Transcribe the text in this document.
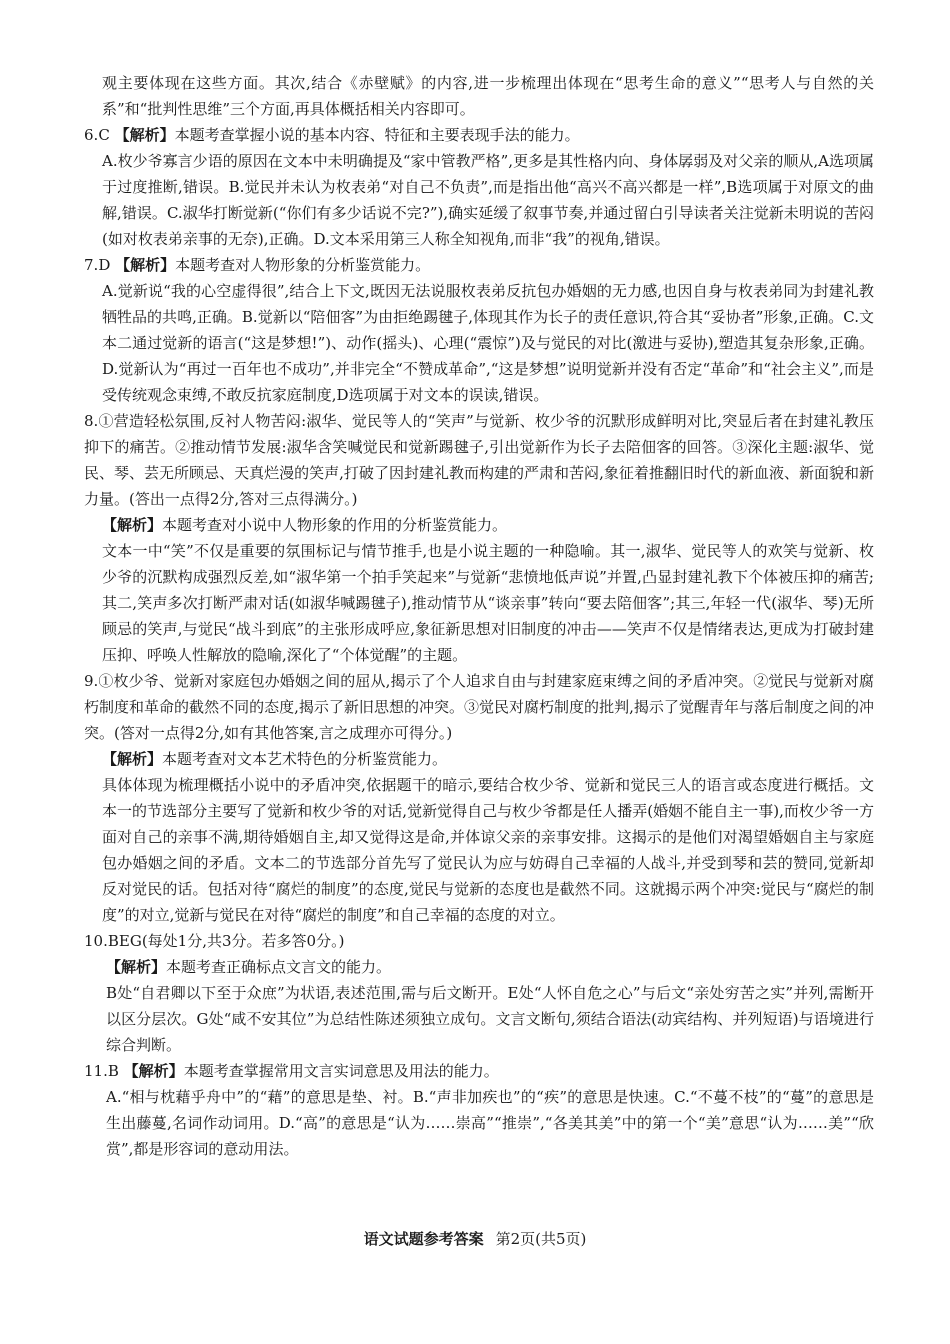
观主要体现在这些方面。其次,结合《赤壁赋》的内容,进一步梳理出体现在“思考生命的意义”“思考人与自然的关系”和“批判性思维”三个方面,再具体概括相关内容即可。

6.C 【解析】本题考查掌握小说的基本内容、特征和主要表现手法的能力。

A.枚少爷寡言少语的原因在文本中未明确提及“家中管教严格”,更多是其性格内向、身体孱弱及对父亲的顺从,A选项属于过度推断,错误。B.觉民并未认为枚表弟“对自己不负责”,而是指出他“高兴不高兴都是一样”,B选项属于对原文的曲解,错误。C.淑华打断觉新(“你们有多少话说不完?”),确实延缓了叙事节奏,并通过留白引导读者关注觉新未明说的苦闷(如对枚表弟亲事的无奈),正确。D.文本采用第三人称全知视角,而非“我”的视角,错误。

7.D 【解析】本题考查对人物形象的分析鉴赏能力。

A.觉新说“我的心空虚得很”,结合上下文,既因无法说服枚表弟反抗包办婚姻的无力感,也因自身与枚表弟同为封建礼教牺牲品的共鸣,正确。B.觉新以“陪佃客”为由拒绝踢毽子,体现其作为长子的责任意识,符合其“妥协者”形象,正确。C.文本二通过觉新的语言(“这是梦想!”)、动作(摇头)、心理(“震惊”)及与觉民的对比(激进与妥协),塑造其复杂形象,正确。D.觉新认为“再过一百年也不成功”,并非完全“不赞成革命”,“这是梦想”说明觉新并没有否定“革命”和“社会主义”,而是受传统观念束缚,不敢反抗家庭制度,D选项属于对文本的误读,错误。

8.①营造轻松氛围,反衬人物苦闷:淑华、觉民等人的“笑声”与觉新、枚少爷的沉默形成鲜明对比,突显后者在封建礼教压抑下的痛苦。②推动情节发展:淑华含笑喊觉民和觉新踢毽子,引出觉新作为长子去陪佃客的回答。③深化主题:淑华、觉民、琴、芸无所顾忌、天真烂漫的笑声,打破了因封建礼教而构建的严肃和苦闷,象征着推翻旧时代的新血液、新面貌和新力量。(答出一点得2分,答对三点得满分。)

【解析】本题考查对小说中人物形象的作用的分析鉴赏能力。

文本一中“笑”不仅是重要的氛围标记与情节推手,也是小说主题的一种隐喻。其一,淑华、觉民等人的欢笑与觉新、枚少爷的沉默构成强烈反差,如“淑华第一个拍手笑起来”与觉新“悲愤地低声说”并置,凸显封建礼教下个体被压抑的痛苦;其二,笑声多次打断严肃对话(如淑华喊踢毽子),推动情节从“谈亲事”转向“要去陪佃客”;其三,年轻一代(淑华、琴)无所顾忌的笑声,与觉民“战斗到底”的主张形成呼应,象征新思想对旧制度的冲击——笑声不仅是情绪表达,更成为打破封建压抑、呼唤人性解放的隐喻,深化了“个体觉醒”的主题。

9.①枚少爷、觉新对家庭包办婚姻之间的屈从,揭示了个人追求自由与封建家庭束缚之间的矛盾冲突。②觉民与觉新对腐朽制度和革命的截然不同的态度,揭示了新旧思想的冲突。③觉民对腐朽制度的批判,揭示了觉醒青年与落后制度之间的冲突。(答对一点得2分,如有其他答案,言之成理亦可得分。)

【解析】本题考查对文本艺术特色的分析鉴赏能力。

具体体现为梳理概括小说中的矛盾冲突,依据题干的暗示,要结合枚少爷、觉新和觉民三人的语言或态度进行概括。文本一的节选部分主要写了觉新和枚少爷的对话,觉新觉得自己与枚少爷都是任人播弄(婚姻不能自主一事),而枚少爷一方面对自己的亲事不满,期待婚姻自主,却又觉得这是命,并体谅父亲的亲事安排。这揭示的是他们对渴望婚姻自主与家庭包办婚姻之间的矛盾。文本二的节选部分首先写了觉民认为应与妨碍自己幸福的人战斗,并受到琴和芸的赞同,觉新却反对觉民的话。包括对待“腐烂的制度”的态度,觉民与觉新的态度也是截然不同。这就揭示两个冲突:觉民与“腐烂的制度”的对立,觉新与觉民在对待“腐烂的制度”和自己幸福的态度的对立。

10.BEG(每处1分,共3分。若多答0分。)

【解析】本题考查正确标点文言文的能力。

B处“自君卿以下至于众庶”为状语,表述范围,需与后文断开。E处“人怀自危之心”与后文“亲处穷苦之实”并列,需断开以区分层次。G处“咸不安其位”为总结性陈述须独立成句。文言文断句,须结合语法(动宾结构、并列短语)与语境进行综合判断。

11.B 【解析】本题考查掌握常用文言实词意思及用法的能力。

A.“相与枕藉乎舟中”的“藉”的意思是垫、衬。B.“声非加疾也”的“疾”的意思是快速。C.“不蔓不枝”的“蔓”的意思是生出藤蔓,名词作动词用。D.“高”的意思是“认为……崇高”“推崇”,“各美其美”中的第一个“美”意思“认为……美”“欣赏”,都是形容词的意动用法。

语文试题参考答案 第2页(共5页)
